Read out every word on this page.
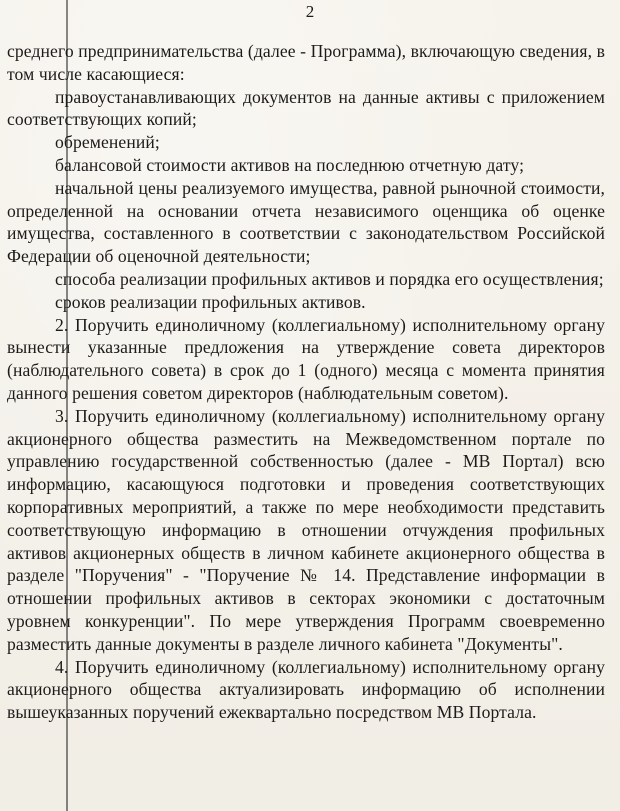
2

среднего предпринимательства (далее - Программа), включающую сведения, в том числе касающиеся:

правоустанавливающих документов на данные активы с приложением соответствующих копий;

обременений;

балансовой стоимости активов на последнюю отчетную дату;

начальной цены реализуемого имущества, равной рыночной стоимости, определенной на основании отчета независимого оценщика об оценке имущества, составленного в соответствии с законодательством Российской Федерации об оценочной деятельности;

способа реализации профильных активов и порядка его осуществления;

сроков реализации профильных активов.

2. Поручить единоличному (коллегиальному) исполнительному органу вынести указанные предложения на утверждение совета директоров (наблюдательного совета) в срок до 1 (одного) месяца с момента принятия данного решения советом директоров (наблюдательным советом).

3. Поручить единоличному (коллегиальному) исполнительному органу акционерного общества разместить на Межведомственном портале по управлению государственной собственностью (далее - МВ Портал) всю информацию, касающуюся подготовки и проведения соответствующих корпоративных мероприятий, а также по мере необходимости представить соответствующую информацию в отношении отчуждения профильных активов акционерных обществ в личном кабинете акционерного общества в разделе "Поручения" - "Поручение № 14. Представление информации в отношении профильных активов в секторах экономики с достаточным уровнем конкуренции". По мере утверждения Программ своевременно разместить данные документы в разделе личного кабинета "Документы".

4. Поручить единоличному (коллегиальному) исполнительному органу акционерного общества актуализировать информацию об исполнении вышеуказанных поручений ежеквартально посредством МВ Портала.
